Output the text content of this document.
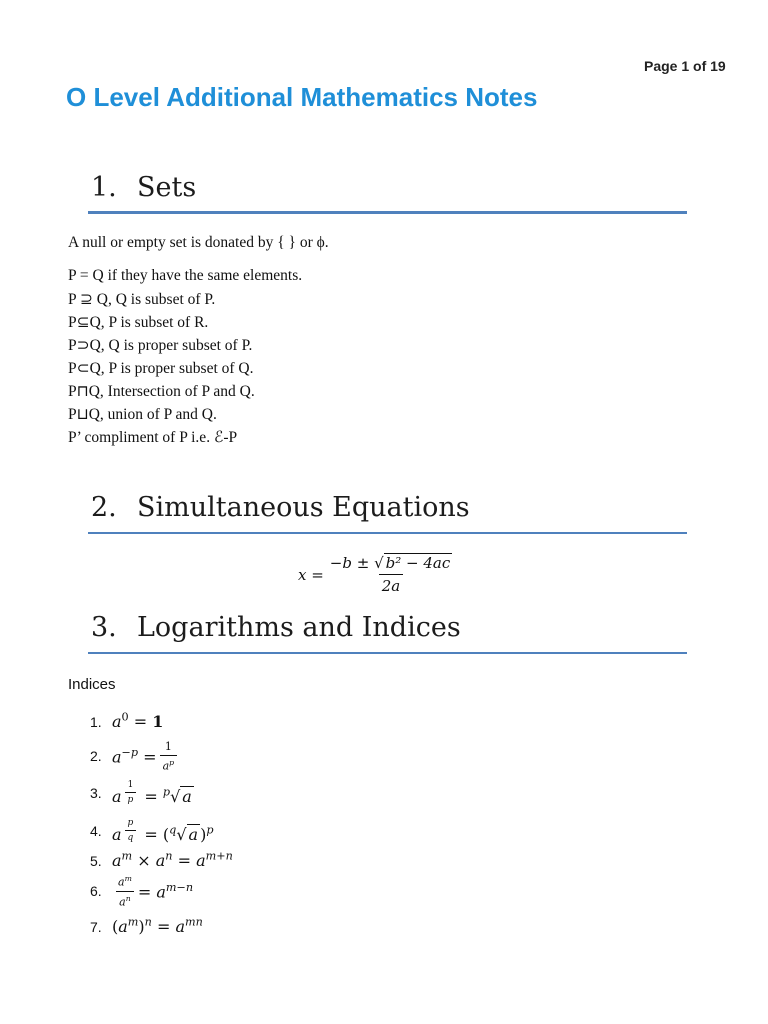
Page 1 of 19
O Level Additional Mathematics Notes
1. Sets
A null or empty set is donated by { } or ϕ.
P = Q if they have the same elements.
P ⊇ Q, Q is subset of P.
P⊆Q, P is subset of R.
P⊃Q, Q is proper subset of P.
P⊂Q, P is proper subset of Q.
P⊓Q, Intersection of P and Q.
P⊔Q, union of P and Q.
P’ compliment of P i.e. ℰ-P
2. Simultaneous Equations
$x = \frac{\text{−b ± √ b² − 4ac}}{2a}$
3. Logarithms and Indices
Indices
1. $a^0 = 1$
2. $a^{-p} = \frac{1}{a^p}$
3. a $^{\frac{1}{p}}$ = $^p$√ a
4. a $^{\frac{p}{q}}$ = ($^q$√ a )$^p$
5. $a^m \times a^n = a^{m+n}$
6.	$\frac{a^m}{a^n} = a^{m-n}$
7. $(a^m)^n = a^{mn}$
